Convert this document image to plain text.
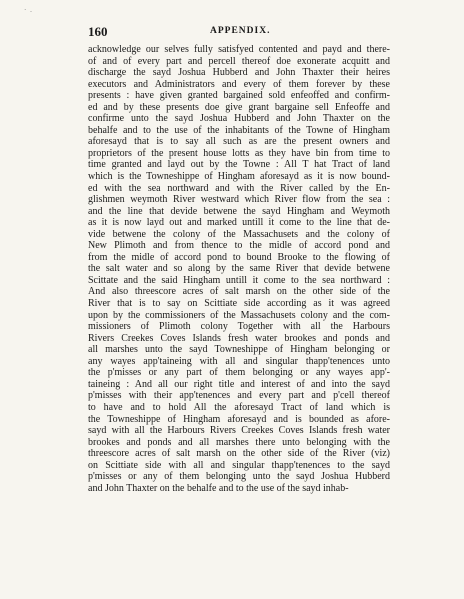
· .
160	APPENDIX.
acknowledge our selves fully satisfyed contented and payd and there-
of and of every part and percell thereof doe exonerate acquitt and
discharge the sayd Joshua Hubberd and John Thaxter their heires
executors and Administrators and every of them forever by these
presents : have given granted bargained sold enfeoffed and confirm-
ed and by these presents doe give grant bargaine sell Enfeoffe and
confirme unto the sayd Joshua Hubberd and John Thaxter on the
behalfe and to the use of the inhabitants of the Towne of Hingham
aforesayd that is to say all such as are the present owners and
proprietors of the present house lotts as they have bin from time to
time granted and layd out by the Towne : All T hat Tract of land
which is the Towneshippe of Hingham aforesayd as it is now bound-
ed with the sea northward and with the River called by the En-
glishmen weymoth River westward which River flow from the sea :
and the line that devide betwene the sayd Hingham and Weymoth
as it is now layd out and marked untill it come to the line that de-
vide betwene the colony of the Massachusets and the colony of
New Plimoth and from thence to the midle of accord pond and
from the midle of accord pond to bound Brooke to the flowing of
the salt water and so along by the same River that devide betwene
Scittate and the said Hingham untill it come to the sea northward :
And also threescore acres of salt marsh on the other side of the
River that is to say on Scittiate side according as it was agreed
upon by the commissioners of the Massachusets colony and the com-
missioners of Plimoth colony Together with all the Harbours
Rivers Creekes Coves Islands fresh water brookes and ponds and
all marshes unto the sayd Towneshippe of Hingham belonging or
any wayes app'taineing with all and singular thapp'tenences unto
the p'misses or any part of them belonging or any wayes app'-
taineing : And all our right title and interest of and into the sayd
p'misses with their app'tenences and every part and p'cell thereof
to have and to hold All the aforesayd Tract of land which is
the Towneshippe of Hingham aforesayd and is bounded as afore-
sayd with all the Harbours Rivers Creekes Coves Islands fresh water
brookes and ponds and all marshes there unto belonging with the
threescore acres of salt marsh on the other side of the River (viz)
on Scittiate side with all and singular thapp'tenences to the sayd
p'misses or any of them belonging unto the sayd Joshua Hubberd
and John Thaxter on the behalfe and to the use of the sayd inhab-
